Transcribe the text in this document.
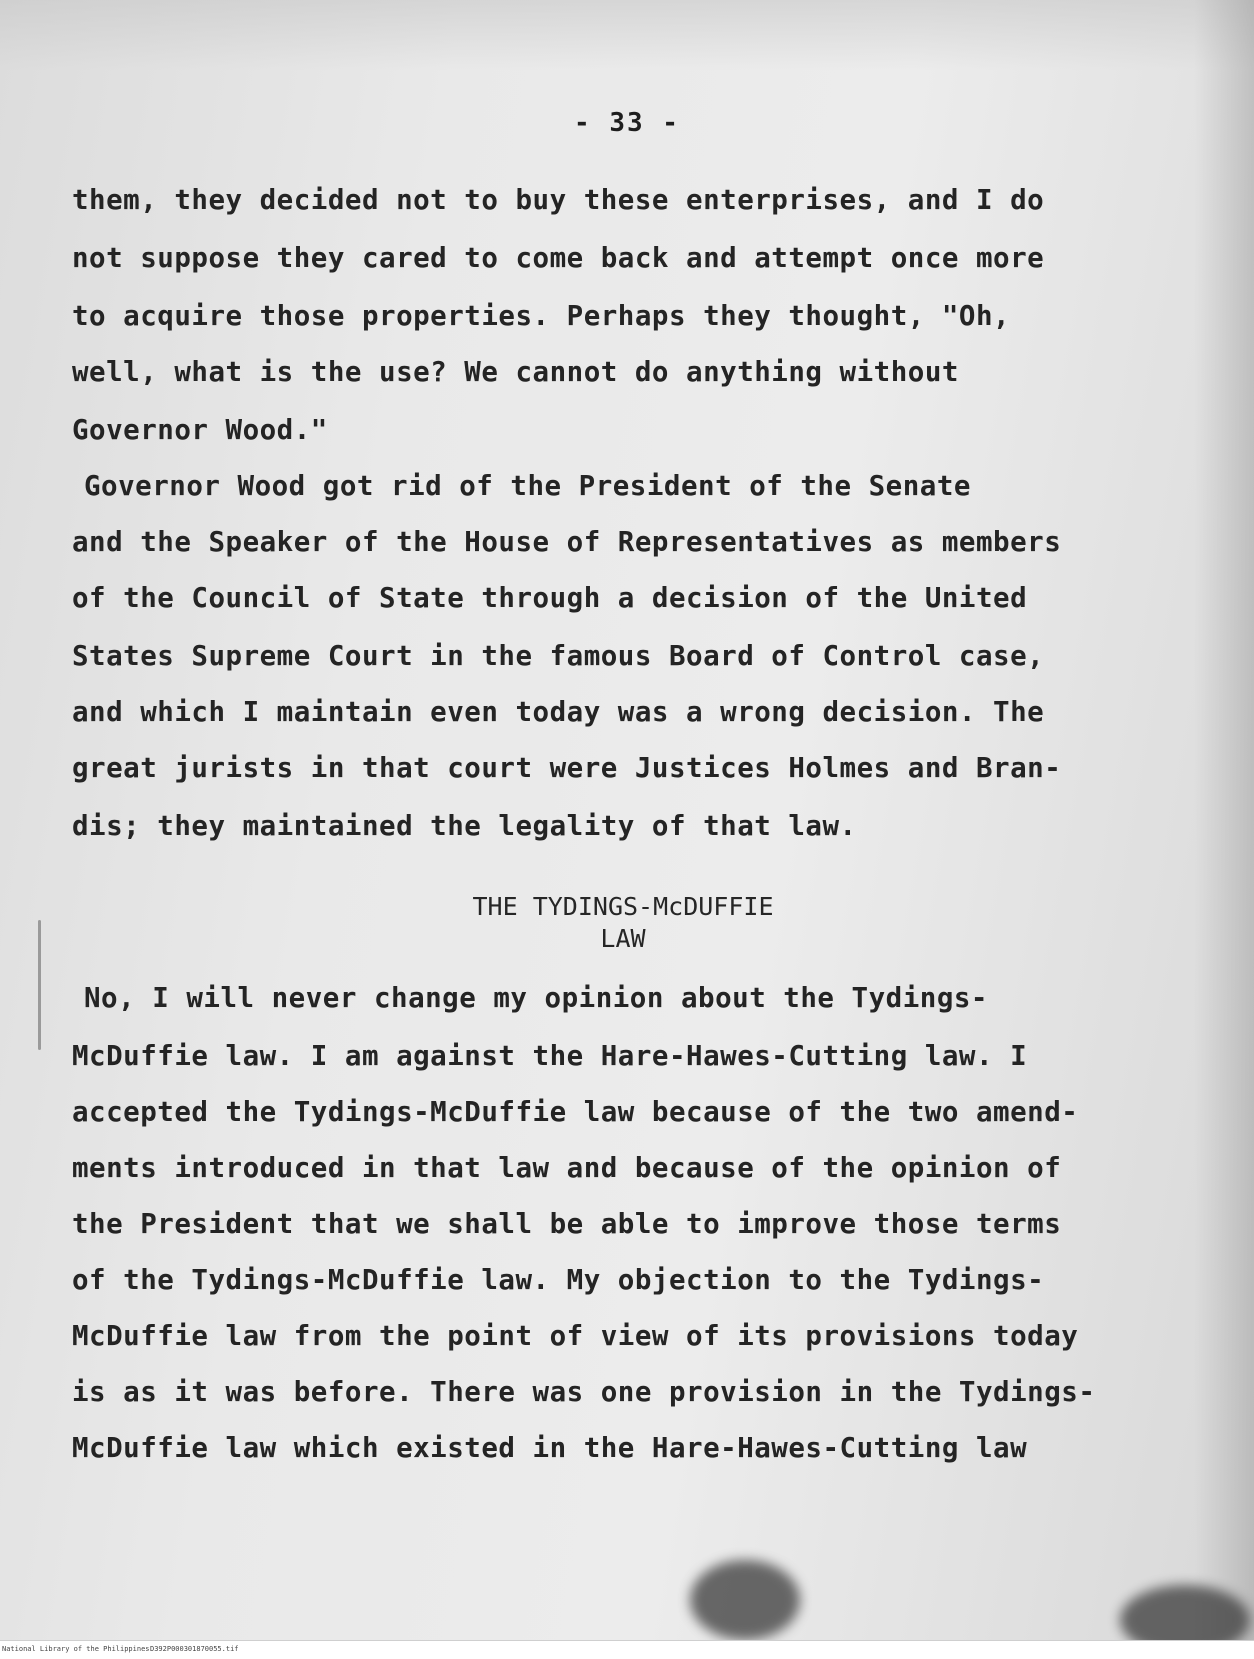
- 33 -
them, they decided not to buy these enterprises, and I do
not suppose they cared to come back and attempt once more
to acquire those properties. Perhaps they thought, "Oh,
well, what is the use? We cannot do anything without
Governor Wood."
Governor Wood got rid of the President of the Senate
and the Speaker of the House of Representatives as members
of the Council of State through a decision of the United
States Supreme Court in the famous Board of Control case,
and which I maintain even today was a wrong decision. The
great jurists in that court were Justices Holmes and Bran-
dis; they maintained the legality of that law.
THE TYDINGS-McDUFFIE
LAW
No, I will never change my opinion about the Tydings-
McDuffie law. I am against the Hare-Hawes-Cutting law. I
accepted the Tydings-McDuffie law because of the two amend-
ments introduced in that law and because of the opinion of
the President that we shall be able to improve those terms
of the Tydings-McDuffie law. My objection to the Tydings-
McDuffie law from the point of view of its provisions today
is as it was before. There was one provision in the Tydings-
McDuffie law which existed in the Hare-Hawes-Cutting law
National Library of the Philippines D392P000301870055.tif
